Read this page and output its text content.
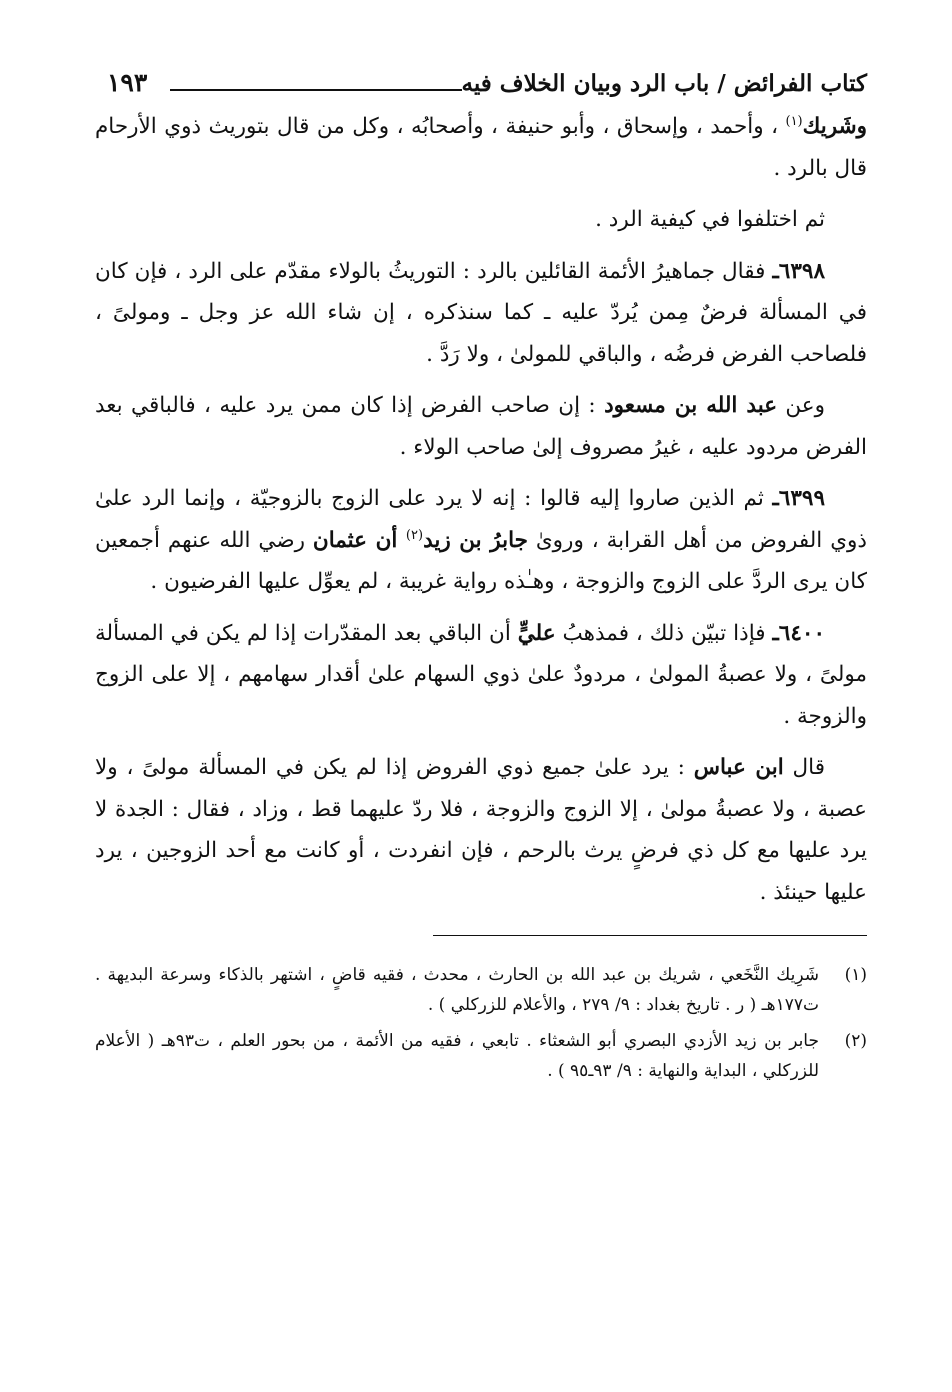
كتاب الفرائض / باب الرد وبيان الخلاف فيه
١٩٣

وشَريك$^{(١)}$ ، وأحمد ، وإسحاق ، وأبو حنيفة ، وأصحابُه ، وكل من قال بتوريث ذوي الأرحام قال بالرد .

ثم اختلفوا في كيفية الرد .

٦٣٩٨ـ فقال جماهيرُ الأئمة القائلين بالرد : التوريثُ بالولاء مقدّم على الرد ، فإن كان في المسألة فرضٌ مِمن يُردّ عليه ـ كما سنذكره ، إن شاء الله عز وجل ـ ومولىً ، فلصاحب الفرض فرضُه ، والباقي للمولىٰ ، ولا رَدَّ .

وعن عبد الله بن مسعود : إن صاحب الفرض إذا كان ممن يرد عليه ، فالباقي بعد الفرض مردود عليه ، غيرُ مصروف إلىٰ صاحب الولاء .

٦٣٩٩ـ ثم الذين صاروا إليه قالوا : إنه لا يرد على الزوج بالزوجيّة ، وإنما الرد علىٰ ذوي الفروض من أهل القرابة ، وروىٰ جابرُ بن زيد$^{(٢)}$ أن عثمان رضي الله عنهم أجمعين كان يرى الردَّ على الزوج والزوجة ، وهـٰذه رواية غريبة ، لم يعوِّل عليها الفرضيون .

٦٤٠٠ـ فإذا تبيّن ذلك ، فمذهبُ عليٍّ أن الباقي بعد المقدّرات إذا لم يكن في المسألة مولىً ، ولا عصبةُ المولىٰ ، مردودٌ علىٰ ذوي السهام علىٰ أقدار سهامهم ، إلا على الزوج والزوجة .

قال ابن عباس : يرد علىٰ جميع ذوي الفروض إذا لم يكن في المسألة مولىً ، ولا عصبة ، ولا عصبةُ مولىٰ ، إلا الزوج والزوجة ، فلا ردّ عليهما قط ، وزاد ، فقال : الجدة لا يرد عليها مع كل ذي فرضٍ يرث بالرحم ، فإن انفردت ، أو كانت مع أحد الزوجين ، يرد عليها حينئذ .

(١)
شَرِيك النَّخَعي ، شريك بن عبد الله بن الحارث ، محدث ، فقيه قاضٍ ، اشتهر بالذكاء وسرعة البديهة . ت١٧٧هـ ( ر . تاريخ بغداد : ٩/ ٢٧٩ ، والأعلام للزركلي ) .
(٢)
جابر بن زيد الأزدي البصري أبو الشعثاء . تابعي ، فقيه من الأئمة ، من بحور العلم ، ت٩٣هـ ( الأعلام للزركلي ، البداية والنهاية : ٩/ ٩٣ـ٩٥ ) .
